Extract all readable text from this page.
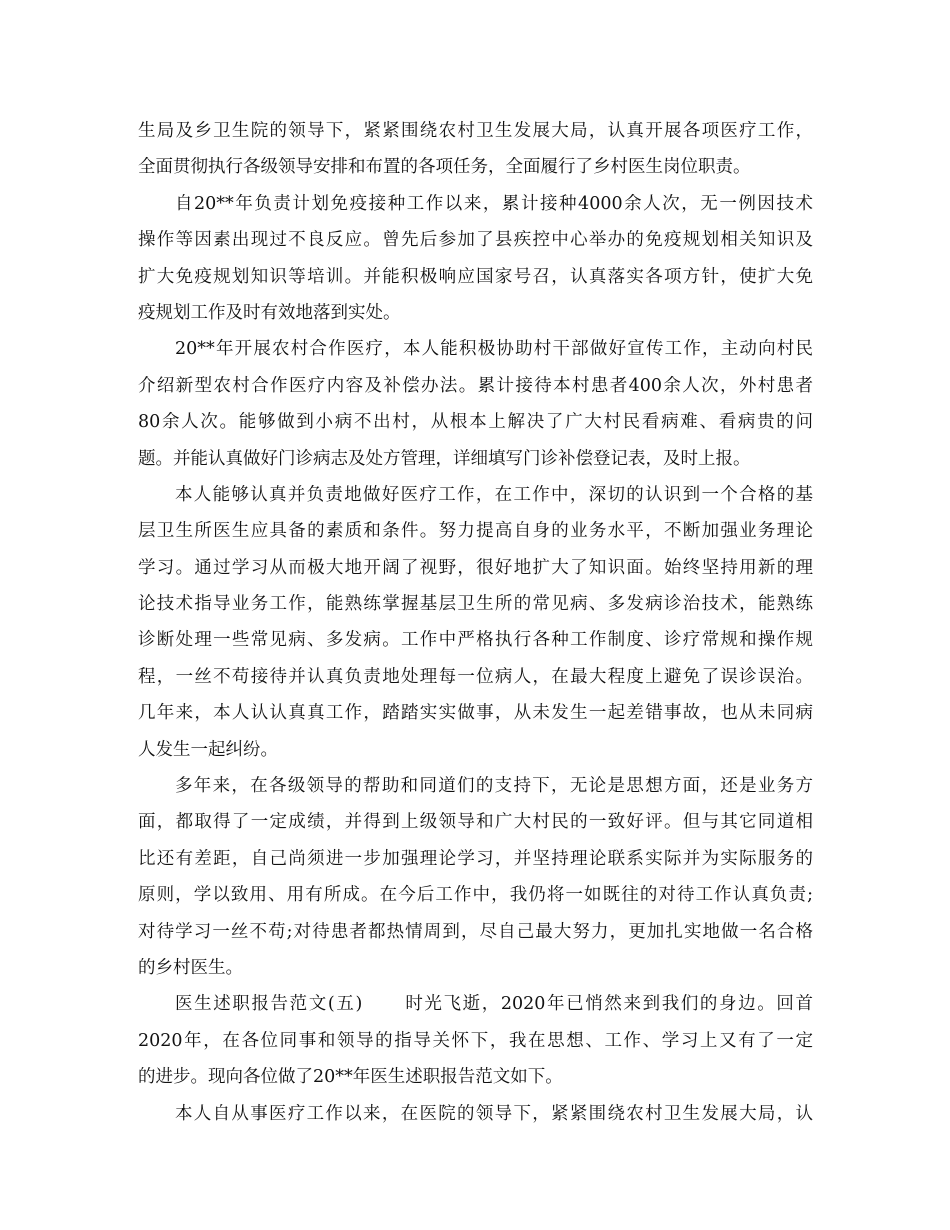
生局及乡卫生院的领导下，紧紧围绕农村卫生发展大局，认真开展各项医疗工作，
全面贯彻执行各级领导安排和布置的各项任务，全面履行了乡村医生岗位职责。
自20**年负责计划免疫接种工作以来，累计接种4000余人次，无一例因技术
操作等因素出现过不良反应。曾先后参加了县疾控中心举办的免疫规划相关知识及
扩大免疫规划知识等培训。并能积极响应国家号召，认真落实各项方针，使扩大免
疫规划工作及时有效地落到实处。
20**年开展农村合作医疗，本人能积极协助村干部做好宣传工作，主动向村民
介绍新型农村合作医疗内容及补偿办法。累计接待本村患者400余人次，外村患者
80余人次。能够做到小病不出村，从根本上解决了广大村民看病难、看病贵的问
题。并能认真做好门诊病志及处方管理，详细填写门诊补偿登记表，及时上报。
本人能够认真并负责地做好医疗工作，在工作中，深切的认识到一个合格的基
层卫生所医生应具备的素质和条件。努力提高自身的业务水平，不断加强业务理论
学习。通过学习从而极大地开阔了视野，很好地扩大了知识面。始终坚持用新的理
论技术指导业务工作，能熟练掌握基层卫生所的常见病、多发病诊治技术，能熟练
诊断处理一些常见病、多发病。工作中严格执行各种工作制度、诊疗常规和操作规
程，一丝不苟接待并认真负责地处理每一位病人，在最大程度上避免了误诊误治。
几年来，本人认认真真工作，踏踏实实做事，从未发生一起差错事故，也从未同病
人发生一起纠纷。
多年来，在各级领导的帮助和同道们的支持下，无论是思想方面，还是业务方
面，都取得了一定成绩，并得到上级领导和广大村民的一致好评。但与其它同道相
比还有差距，自己尚须进一步加强理论学习，并坚持理论联系实际并为实际服务的
原则，学以致用、用有所成。在今后工作中，我仍将一如既往的对待工作认真负责;
对待学习一丝不苟;对待患者都热情周到，尽自己最大努力，更加扎实地做一名合格
的乡村医生。
医生述职报告范文(五)      时光飞逝，2020年已悄然来到我们的身边。回首
2020年，在各位同事和领导的指导关怀下，我在思想、工作、学习上又有了一定
的进步。现向各位做了20**年医生述职报告范文如下。
本人自从事医疗工作以来，在医院的领导下，紧紧围绕农村卫生发展大局，认
